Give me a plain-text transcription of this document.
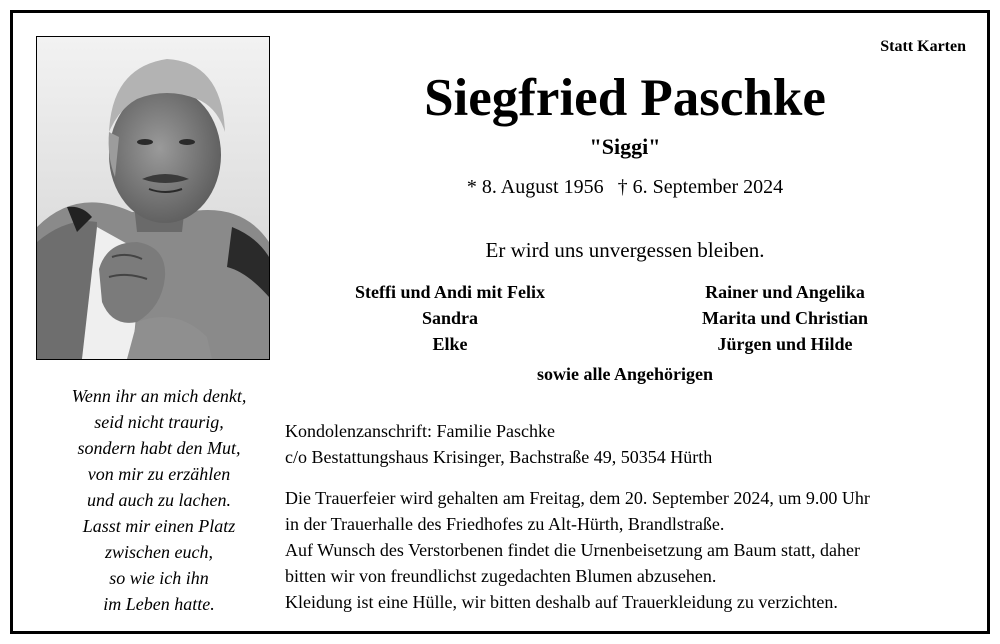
Wenn ihr an mich denkt,
seid nicht traurig,
sondern habt den Mut,
von mir zu erzählen
und auch zu lachen.
Lasst mir einen Platz
zwischen euch,
so wie ich ihn
im Leben hatte.
Statt Karten
Siegfried Paschke
"Siggi"
* 8. August 1956 † 6. September 2024
Er wird uns unvergessen bleiben.
Steffi und Andi mit Felix
Sandra
Elke
Rainer und Angelika
Marita und Christian
Jürgen und Hilde
sowie alle Angehörigen
Kondolenzanschrift: Familie Paschke
c/o Bestattungshaus Krisinger, Bachstraße 49, 50354 Hürth
Die Trauerfeier wird gehalten am Freitag, dem 20. September 2024, um 9.00 Uhr
in der Trauerhalle des Friedhofes zu Alt-Hürth, Brandlstraße.
Auf Wunsch des Verstorbenen findet die Urnenbeisetzung am Baum statt, daher
bitten wir von freundlichst zugedachten Blumen abzusehen.
Kleidung ist eine Hülle, wir bitten deshalb auf Trauerkleidung zu verzichten.
